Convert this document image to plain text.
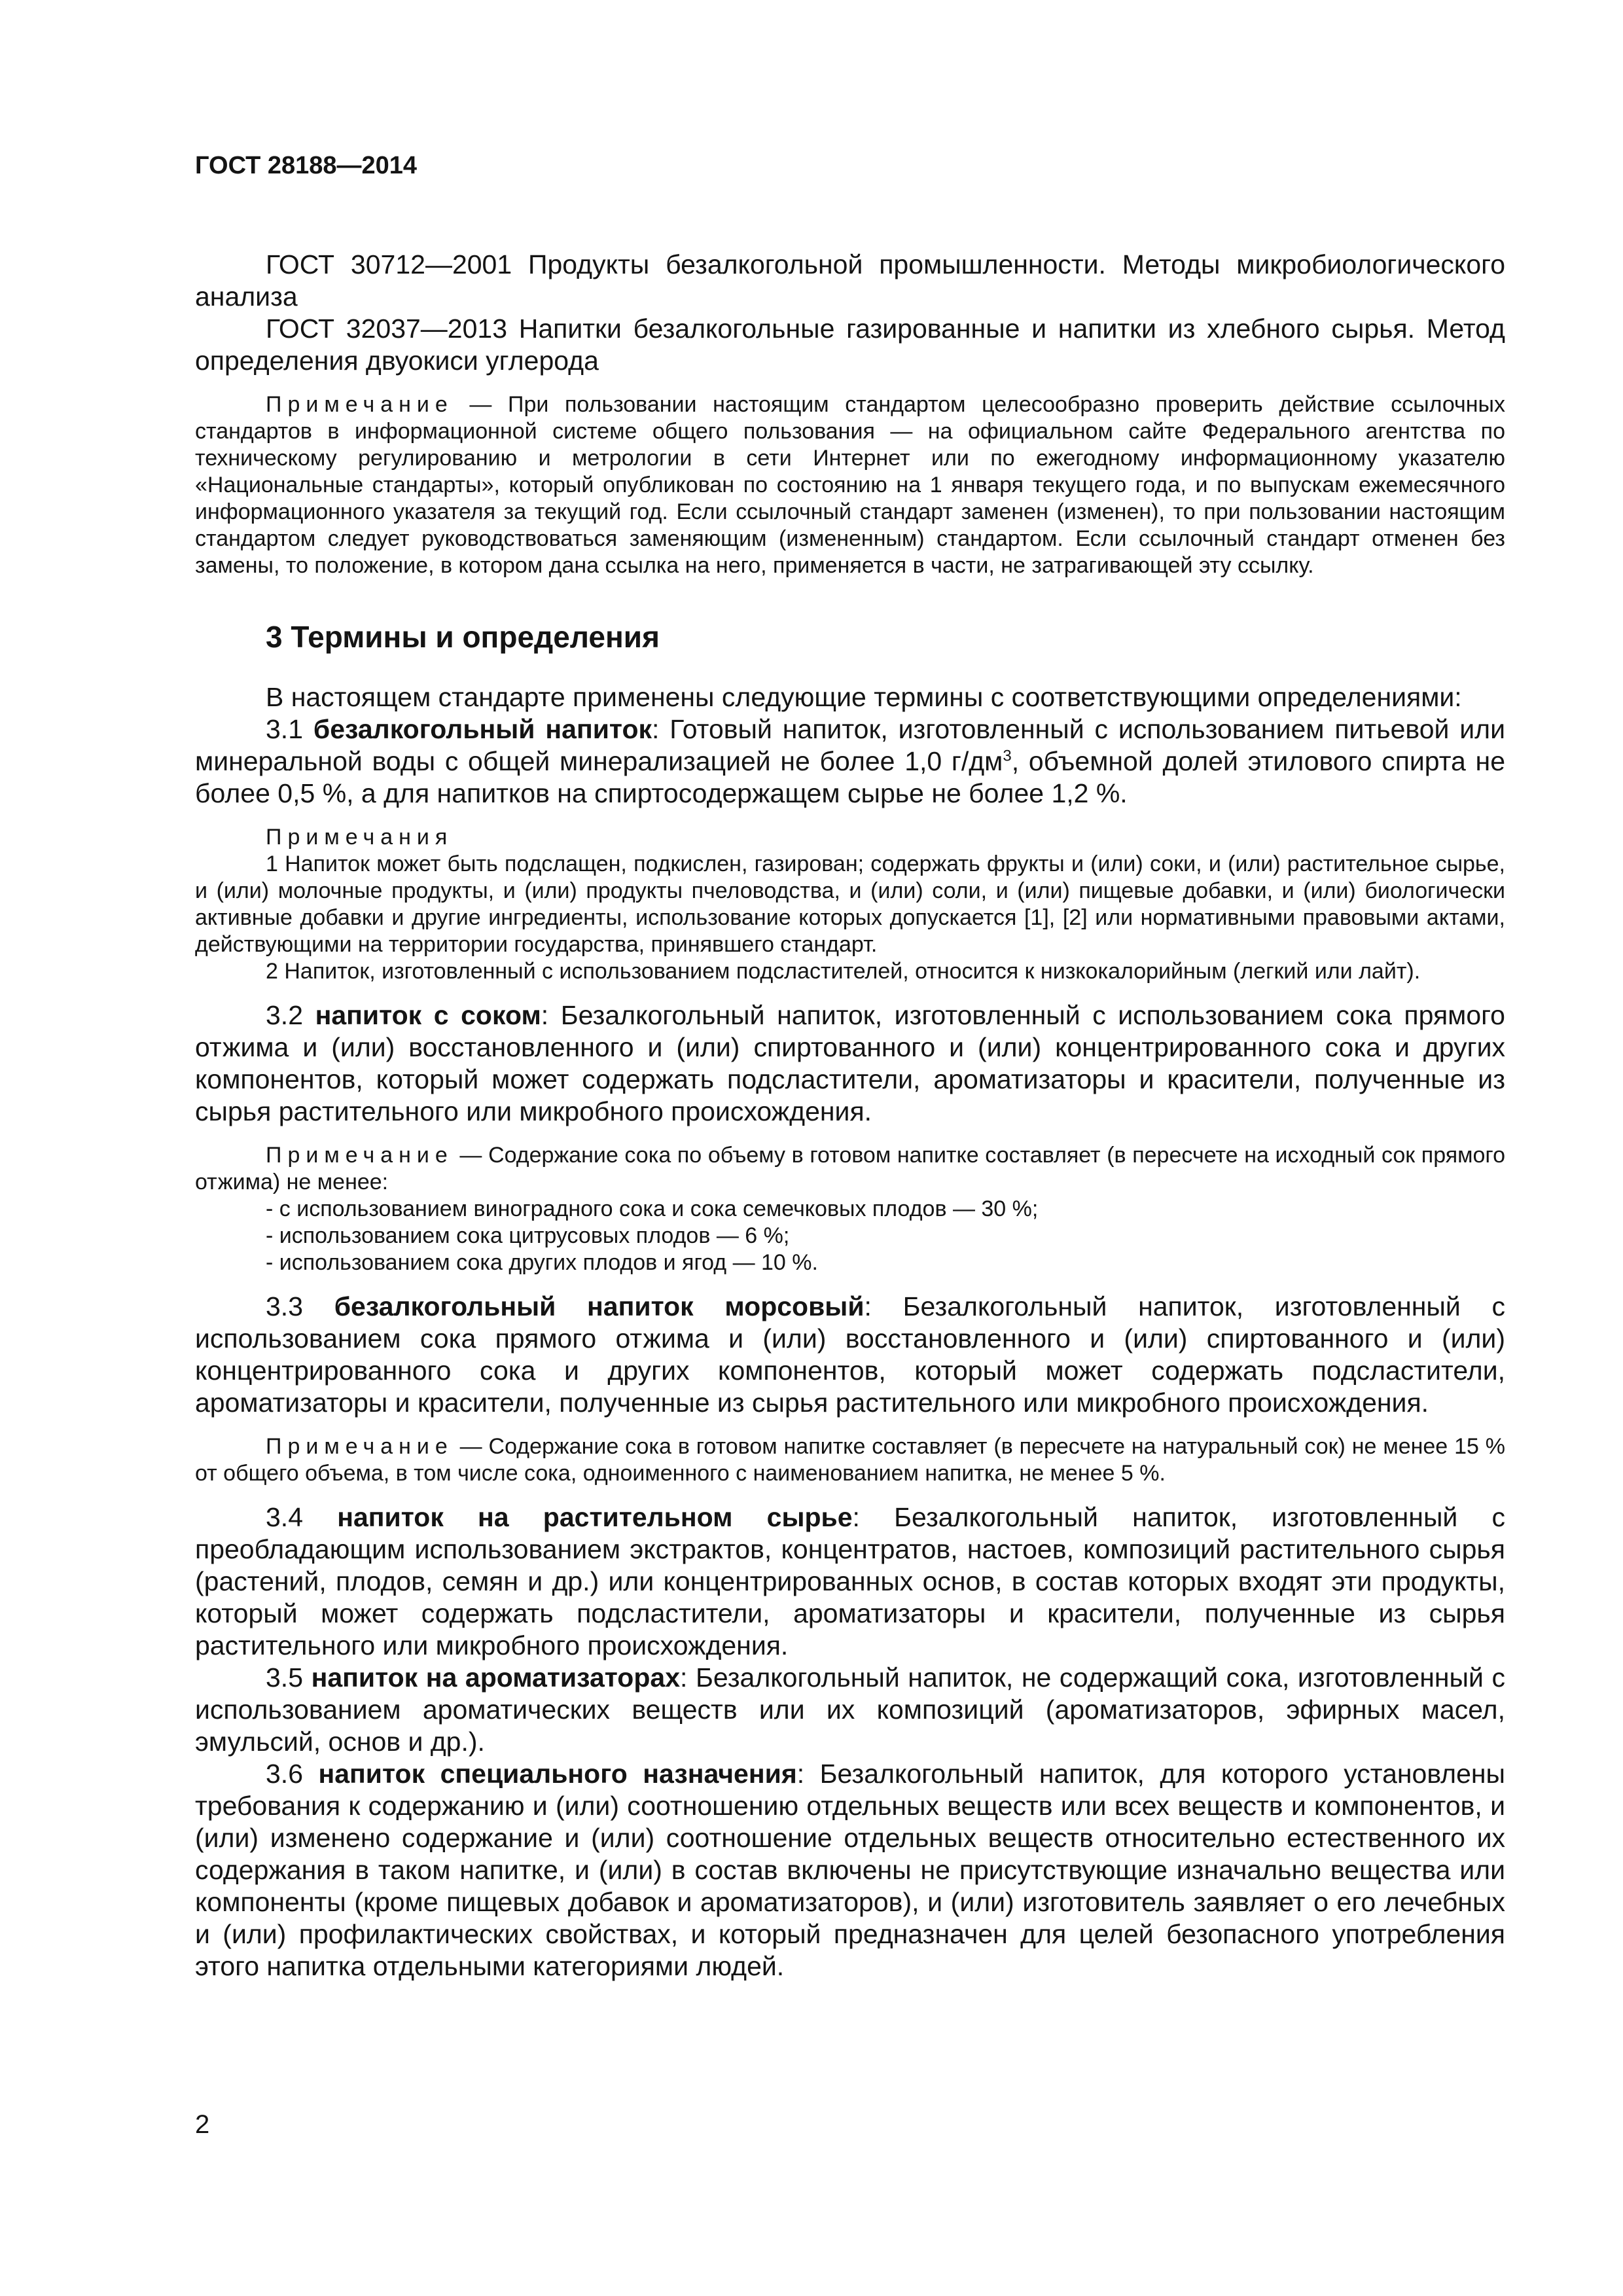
ГОСТ 28188—2014

ГОСТ 30712—2001 Продукты безалкогольной промышленности. Методы микробиологического анализа

ГОСТ 32037—2013 Напитки безалкогольные газированные и напитки из хлебного сырья. Метод определения двуокиси углерода

Примечание — При пользовании настоящим стандартом целесообразно проверить действие ссылочных стандартов в информационной системе общего пользования — на официальном сайте Федерального агентства по техническому регулированию и метрологии в сети Интернет или по ежегодному информационному указателю «Национальные стандарты», который опубликован по состоянию на 1 января текущего года, и по выпускам ежемесячного информационного указателя за текущий год. Если ссылочный стандарт заменен (изменен), то при пользовании настоящим стандартом следует руководствоваться заменяющим (измененным) стандартом. Если ссылочный стандарт отменен без замены, то положение, в котором дана ссылка на него, применяется в части, не затрагивающей эту ссылку.

3 Термины и определения

В настоящем стандарте применены следующие термины с соответствующими определениями:

3.1 безалкогольный напиток: Готовый напиток, изготовленный с использованием питьевой или минеральной воды с общей минерализацией не более 1,0 $г/дм^3$, объемной долей этилового спирта не более 0,5 %, а для напитков на спиртосодержащем сырье не более 1,2 %.

Примечания

1 Напиток может быть подслащен, подкислен, газирован; содержать фрукты и (или) соки, и (или) растительное сырье, и (или) молочные продукты, и (или) продукты пчеловодства, и (или) соли, и (или) пищевые добавки, и (или) биологически активные добавки и другие ингредиенты, использование которых допускается [1], [2] или нормативными правовыми актами, действующими на территории государства, принявшего стандарт.

2 Напиток, изготовленный с использованием подсластителей, относится к низкокалорийным (легкий или лайт).

3.2 напиток с соком: Безалкогольный напиток, изготовленный с использованием сока прямого отжима и (или) восстановленного и (или) спиртованного и (или) концентрированного сока и других компонентов, который может содержать подсластители, ароматизаторы и красители, полученные из сырья растительного или микробного происхождения.

Примечание — Содержание сока по объему в готовом напитке составляет (в пересчете на исходный сок прямого отжима) не менее:

- с использованием виноградного сока и сока семечковых плодов — 30 %;

- использованием сока цитрусовых плодов — 6 %;

- использованием сока других плодов и ягод — 10 %.

3.3 безалкогольный напиток морсовый: Безалкогольный напиток, изготовленный с использованием сока прямого отжима и (или) восстановленного и (или) спиртованного и (или) концентрированного сока и других компонентов, который может содержать подсластители, ароматизаторы и красители, полученные из сырья растительного или микробного происхождения.

Примечание — Содержание сока в готовом напитке составляет (в пересчете на натуральный сок) не менее 15 % от общего объема, в том числе сока, одноименного с наименованием напитка, не менее 5 %.

3.4 напиток на растительном сырье: Безалкогольный напиток, изготовленный с преобладающим использованием экстрактов, концентратов, настоев, композиций растительного сырья (растений, плодов, семян и др.) или концентрированных основ, в состав которых входят эти продукты, который может содержать подсластители, ароматизаторы и красители, полученные из сырья растительного или микробного происхождения.

3.5 напиток на ароматизаторах: Безалкогольный напиток, не содержащий сока, изготовленный с использованием ароматических веществ или их композиций (ароматизаторов, эфирных масел, эмульсий, основ и др.).

3.6 напиток специального назначения: Безалкогольный напиток, для которого установлены требования к содержанию и (или) соотношению отдельных веществ или всех веществ и компонентов, и (или) изменено содержание и (или) соотношение отдельных веществ относительно естественного их содержания в таком напитке, и (или) в состав включены не присутствующие изначально вещества или компоненты (кроме пищевых добавок и ароматизаторов), и (или) изготовитель заявляет о его лечебных и (или) профилактических свойствах, и который предназначен для целей безопасного употребления этого напитка отдельными категориями людей.

2
